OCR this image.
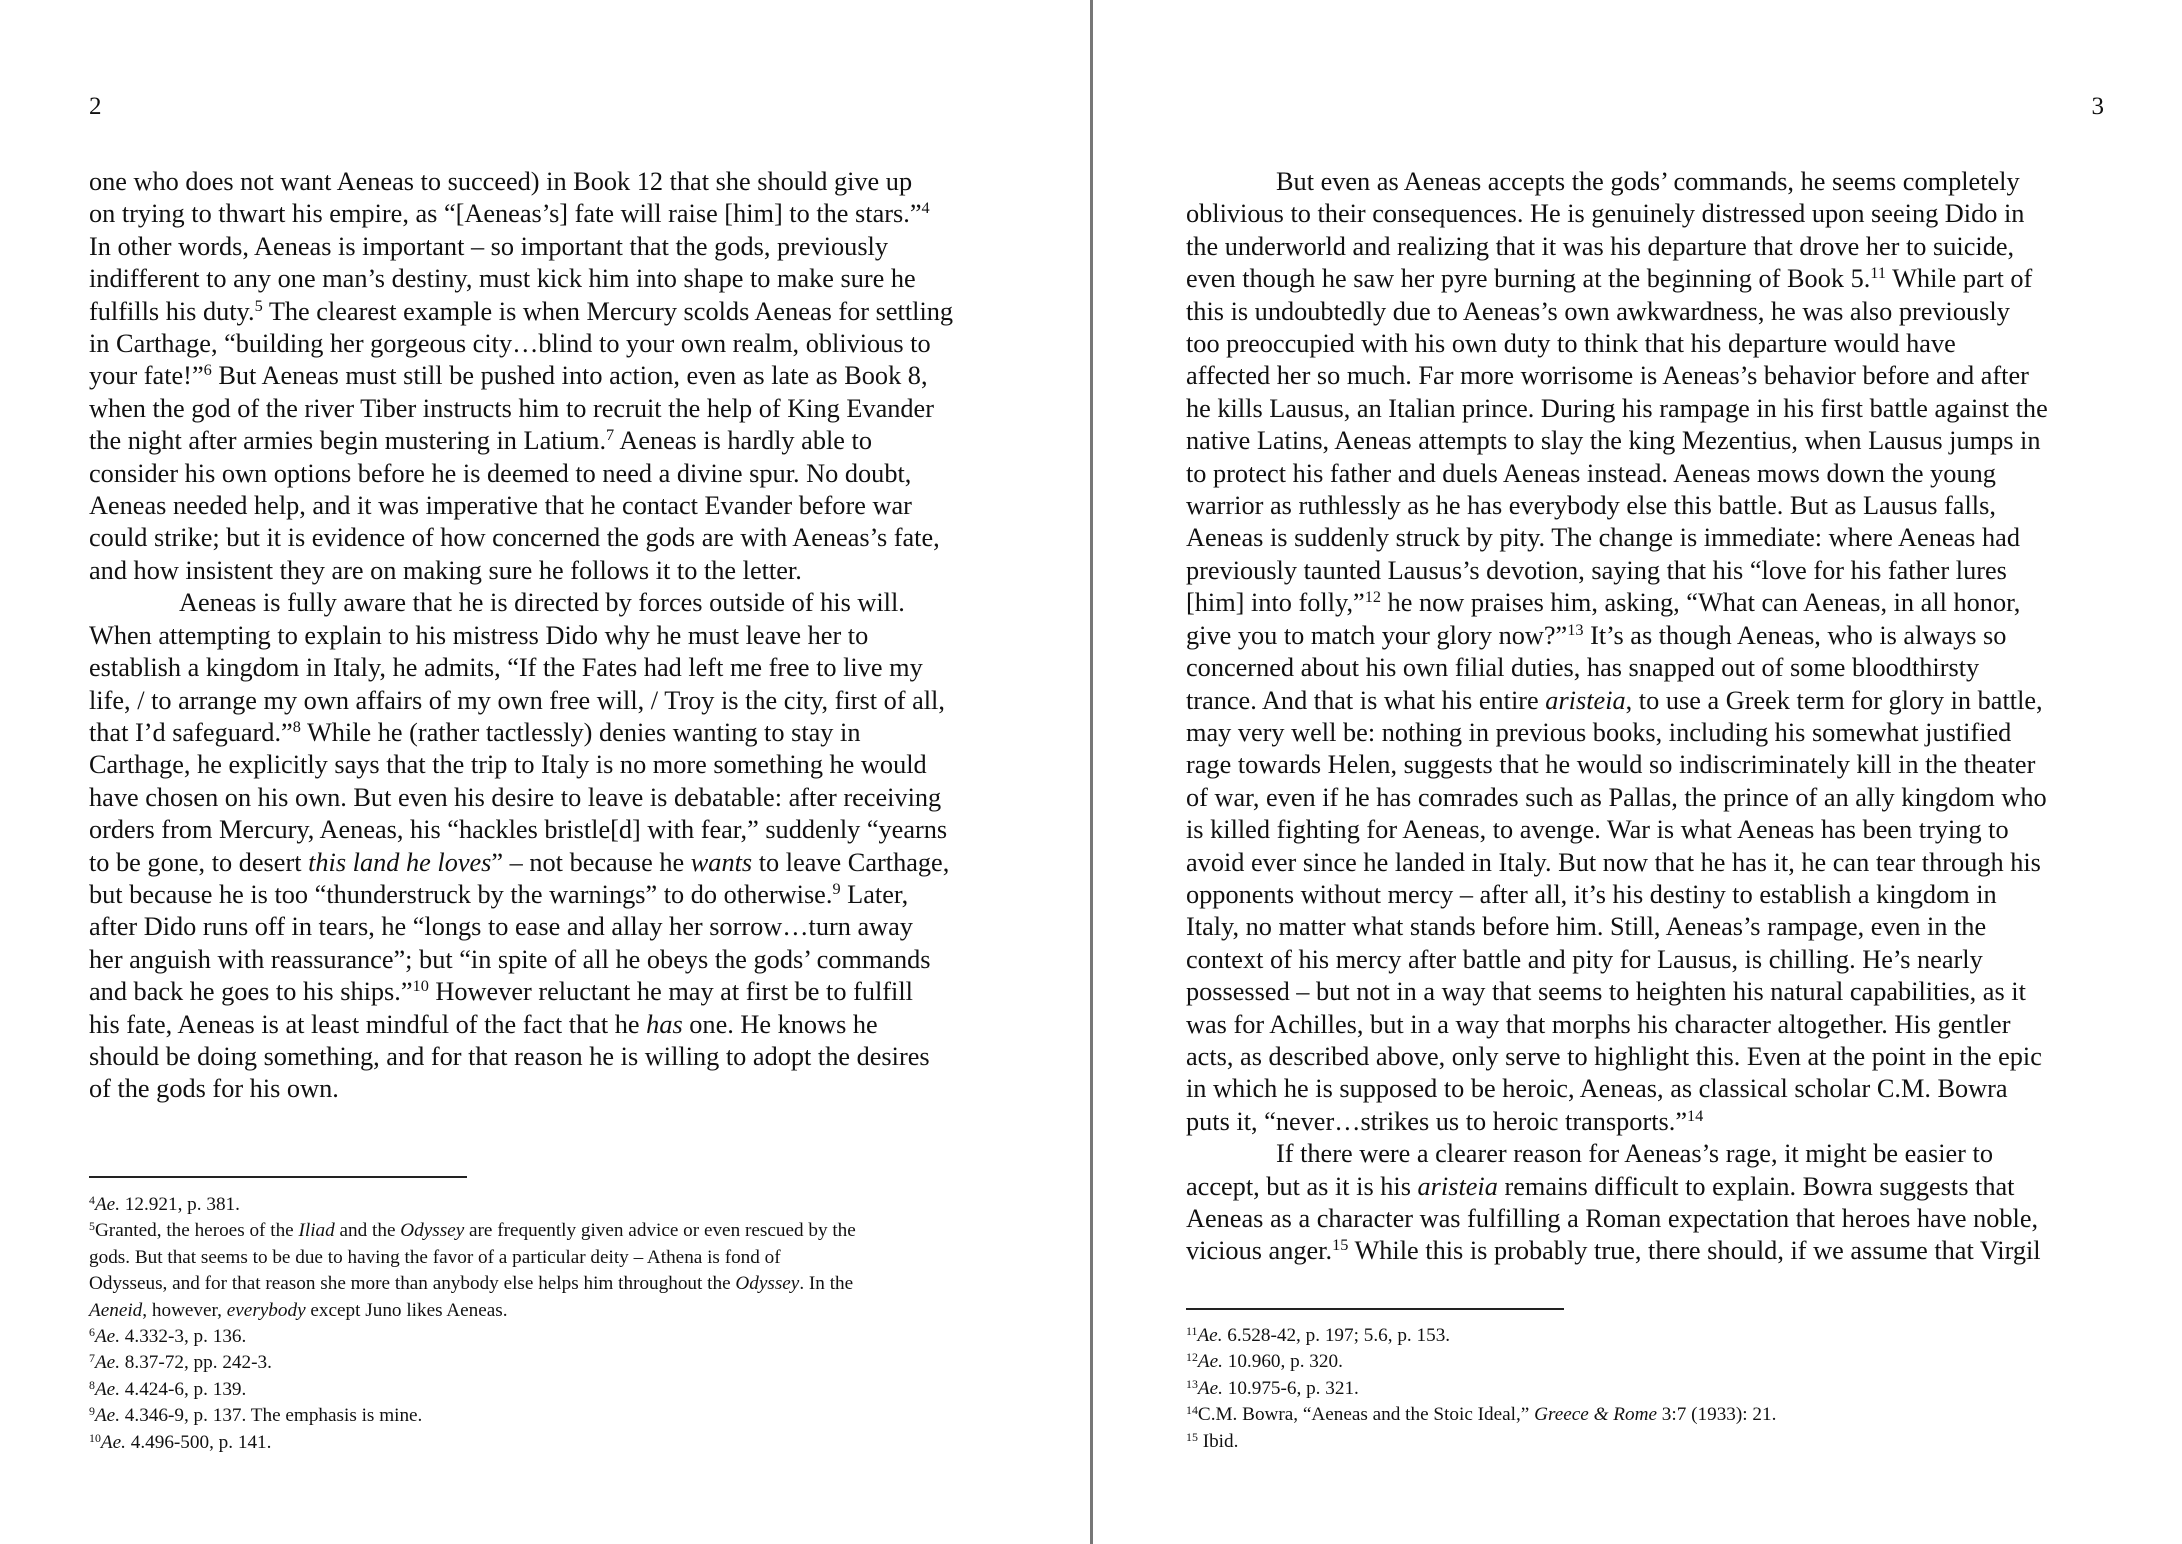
2

one who does not want Aeneas to succeed) in Book 12 that she should give up

on trying to thwart his empire, as “[Aeneas’s] fate will raise [him] to the stars.”$^4$

In other words, Aeneas is important – so important that the gods, previously

indifferent to any one man’s destiny, must kick him into shape to make sure he

fulfills his duty.$^5$ The clearest example is when Mercury scolds Aeneas for settling

in Carthage, “building her gorgeous city…blind to your own realm, oblivious to

your fate!”$^6$ But Aeneas must still be pushed into action, even as late as Book 8,

when the god of the river Tiber instructs him to recruit the help of King Evander

the night after armies begin mustering in Latium.$^7$ Aeneas is hardly able to

consider his own options before he is deemed to need a divine spur. No doubt,

Aeneas needed help, and it was imperative that he contact Evander before war

could strike; but it is evidence of how concerned the gods are with Aeneas’s fate,

and how insistent they are on making sure he follows it to the letter.

Aeneas is fully aware that he is directed by forces outside of his will.

When attempting to explain to his mistress Dido why he must leave her to

establish a kingdom in Italy, he admits, “If the Fates had left me free to live my

life, / to arrange my own affairs of my own free will, / Troy is the city, first of all,

that I’d safeguard.”$^8$ While he (rather tactlessly) denies wanting to stay in

Carthage, he explicitly says that the trip to Italy is no more something he would

have chosen on his own. But even his desire to leave is debatable: after receiving

orders from Mercury, Aeneas, his “hackles bristle[d] with fear,” suddenly “yearns

to be gone, to desert this land he loves” – not because he wants to leave Carthage,

but because he is too “thunderstruck by the warnings” to do otherwise.$^9$ Later,

after Dido runs off in tears, he “longs to ease and allay her sorrow…turn away

her anguish with reassurance”; but “in spite of all he obeys the gods’ commands

and back he goes to his ships.”$^{10}$ However reluctant he may at first be to fulfill

his fate, Aeneas is at least mindful of the fact that he has one. He knows he

should be doing something, and for that reason he is willing to adopt the desires

of the gods for his own.

$^4$Ae. 12.921, p. 381.

$^5$Granted, the heroes of the Iliad and the Odyssey are frequently given advice or even rescued by the

gods. But that seems to be due to having the favor of a particular deity – Athena is fond of

Odysseus, and for that reason she more than anybody else helps him throughout the Odyssey. In the

Aeneid, however, everybody except Juno likes Aeneas.

$^6$Ae. 4.332-3, p. 136.

$^7$Ae. 8.37-72, pp. 242-3.

$^8$Ae. 4.424-6, p. 139.

$^9$Ae. 4.346-9, p. 137. The emphasis is mine.

$^{10}$Ae. 4.496-500, p. 141.

3

But even as Aeneas accepts the gods’ commands, he seems completely

oblivious to their consequences. He is genuinely distressed upon seeing Dido in

the underworld and realizing that it was his departure that drove her to suicide,

even though he saw her pyre burning at the beginning of Book 5.11 While part of

this is undoubtedly due to Aeneas’s own awkwardness, he was also previously

too preoccupied with his own duty to think that his departure would have

affected her so much. Far more worrisome is Aeneas’s behavior before and after

he kills Lausus, an Italian prince. During his rampage in his first battle against the

native Latins, Aeneas attempts to slay the king Mezentius, when Lausus jumps in

to protect his father and duels Aeneas instead. Aeneas mows down the young

warrior as ruthlessly as he has everybody else this battle. But as Lausus falls,

Aeneas is suddenly struck by pity. The change is immediate: where Aeneas had

previously taunted Lausus’s devotion, saying that his “love for his father lures

[him] into folly,”$^{12}$ he now praises him, asking, “What can Aeneas, in all honor,

give you to match your glory now?”$^{13}$ It’s as though Aeneas, who is always so

concerned about his own filial duties, has snapped out of some bloodthirsty

trance. And that is what his entire aristeia, to use a Greek term for glory in battle,

may very well be: nothing in previous books, including his somewhat justified

rage towards Helen, suggests that he would so indiscriminately kill in the theater

of war, even if he has comrades such as Pallas, the prince of an ally kingdom who

is killed fighting for Aeneas, to avenge. War is what Aeneas has been trying to

avoid ever since he landed in Italy. But now that he has it, he can tear through his

opponents without mercy – after all, it’s his destiny to establish a kingdom in

Italy, no matter what stands before him. Still, Aeneas’s rampage, even in the

context of his mercy after battle and pity for Lausus, is chilling. He’s nearly

possessed – but not in a way that seems to heighten his natural capabilities, as it

was for Achilles, but in a way that morphs his character altogether. His gentler

acts, as described above, only serve to highlight this. Even at the point in the epic

in which he is supposed to be heroic, Aeneas, as classical scholar C.M. Bowra

puts it, “never…strikes us to heroic transports.”$^{14}$

If there were a clearer reason for Aeneas’s rage, it might be easier to

accept, but as it is his aristeia remains difficult to explain. Bowra suggests that

Aeneas as a character was fulfilling a Roman expectation that heroes have noble,

vicious anger.$^{15}$ While this is probably true, there should, if we assume that Virgil

$^{11}$Ae. 6.528-42, p. 197; 5.6, p. 153.

$^{12}$Ae. 10.960, p. 320.

$^{13}$Ae. 10.975-6, p. 321.

$^{14}$C.M. Bowra, “Aeneas and the Stoic Ideal,” Greece & Rome 3:7 (1933): 21.

$^{15}$ Ibid.
